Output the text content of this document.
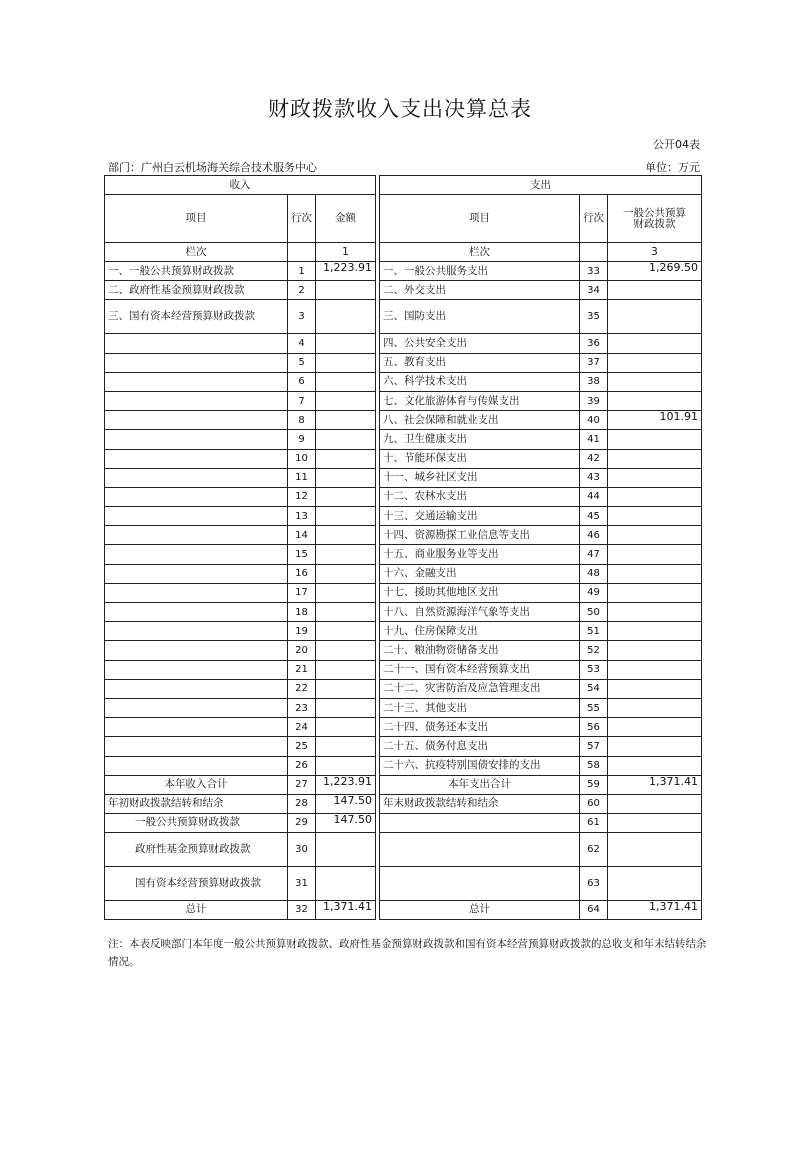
财政拨款收入支出决算总表
公开04表
部门：广州白云机场海关综合技术服务中心	单位：万元
收入				支出		
项目	行次	金额		项目	行次	一般公共预算财政拨款
栏次		1		栏次		3
一、一般公共预算财政拨款	1	1,223.91		一、一般公共服务支出	33	1,269.50
二、政府性基金预算财政拨款	2			二、外交支出	34	
三、国有资本经营预算财政拨款	3			三、国防支出	35	
	4			四、公共安全支出	36	
	5			五、教育支出	37	
	6			六、科学技术支出	38	
	7			七、文化旅游体育与传媒支出	39	
	8			八、社会保障和就业支出	40	101.91
	9			九、卫生健康支出	41	
	10			十、节能环保支出	42	
	11			十一、城乡社区支出	43	
	12			十二、农林水支出	44	
	13			十三、交通运输支出	45	
	14			十四、资源勘探工业信息等支出	46	
	15			十五、商业服务业等支出	47	
	16			十六、金融支出	48	
	17			十七、援助其他地区支出	49	
	18			十八、自然资源海洋气象等支出	50	
	19			十九、住房保障支出	51	
	20			二十、粮油物资储备支出	52	
	21			二十一、国有资本经营预算支出	53	
	22			二十二、灾害防治及应急管理支出	54	
	23			二十三、其他支出	55	
	24			二十四、债务还本支出	56	
	25			二十五、债务付息支出	57	
	26			二十六、抗疫特别国债安排的支出	58	
本年收入合计	27	1,223.91		本年支出合计	59	1,371.41
年初财政拨款结转和结余	28	147.50		年末财政拨款结转和结余	60	
一般公共预算财政拨款	29	147.50			61	
政府性基金预算财政拨款	30				62	
国有资本经营预算财政拨款	31				63	
总计	32	1,371.41		总计	64	1,371.41
注：本表反映部门本年度一般公共预算财政拨款、政府性基金预算财政拨款和国有资本经营预算财政拨款的总收支和年末结转结余情况。
